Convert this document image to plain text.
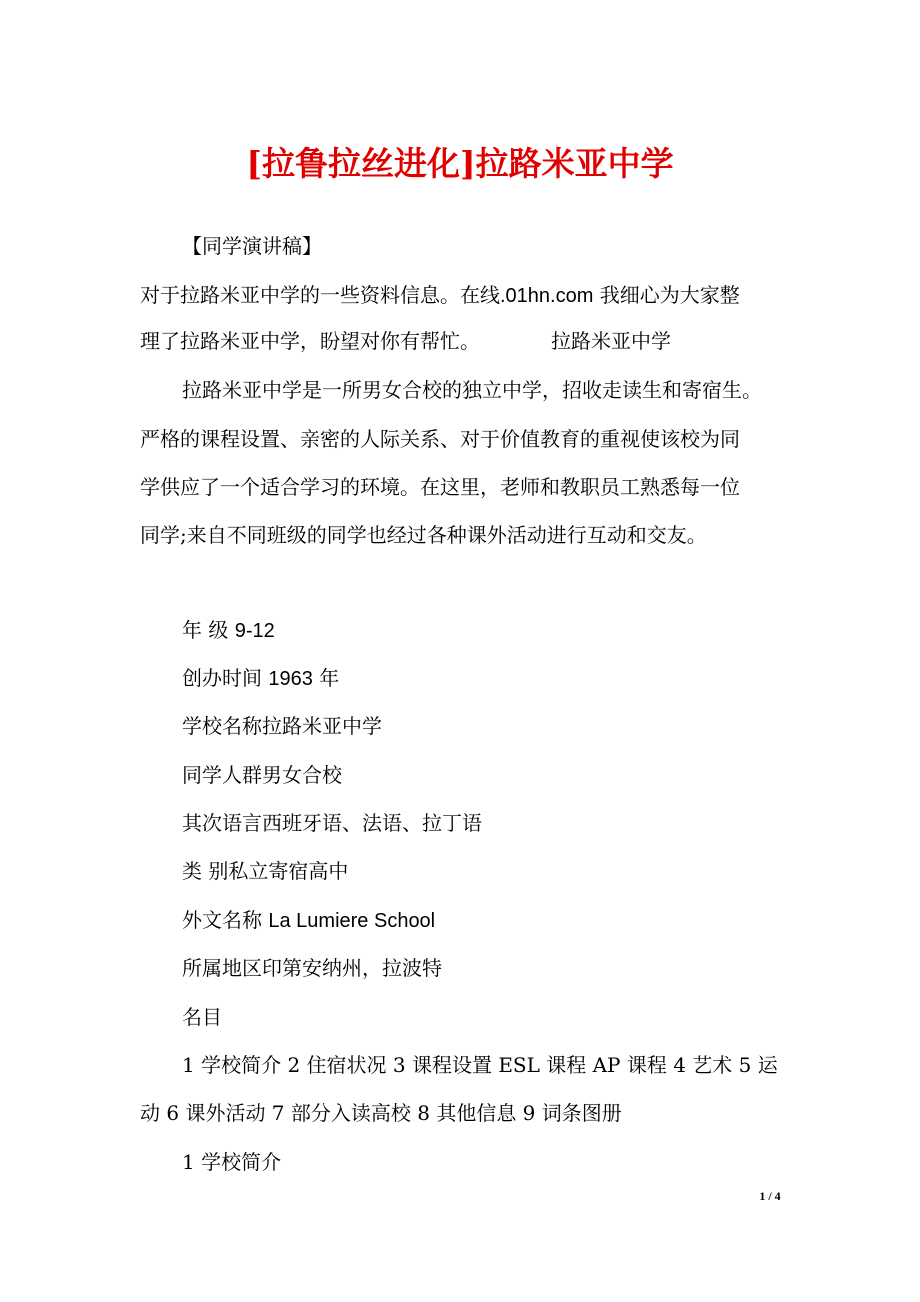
[拉鲁拉丝进化]拉路米亚中学
【同学演讲稿】
对于拉路米亚中学的一些资料信息。在线.01hn.com 我细心为大家整
理了拉路米亚中学，盼望对你有帮忙。	拉路米亚中学
拉路米亚中学是一所男女合校的独立中学，招收走读生和寄宿生。
严格的课程设置、亲密的人际关系、对于价值教育的重视使该校为同
学供应了一个适合学习的环境。在这里，老师和教职员工熟悉每一位
同学;来自不同班级的同学也经过各种课外活动进行互动和交友。
年 级 9-12
创办时间 1963 年
学校名称拉路米亚中学
同学人群男女合校
其次语言西班牙语、法语、拉丁语
类 别私立寄宿高中
外文名称 La Lumiere School
所属地区印第安纳州，拉波特
名目
1 学校简介 2 住宿状况 3 课程设置 ESL 课程 AP 课程 4 艺术 5 运
动 6 课外活动 7 部分入读高校 8 其他信息 9 词条图册
1 学校简介
1 / 4
